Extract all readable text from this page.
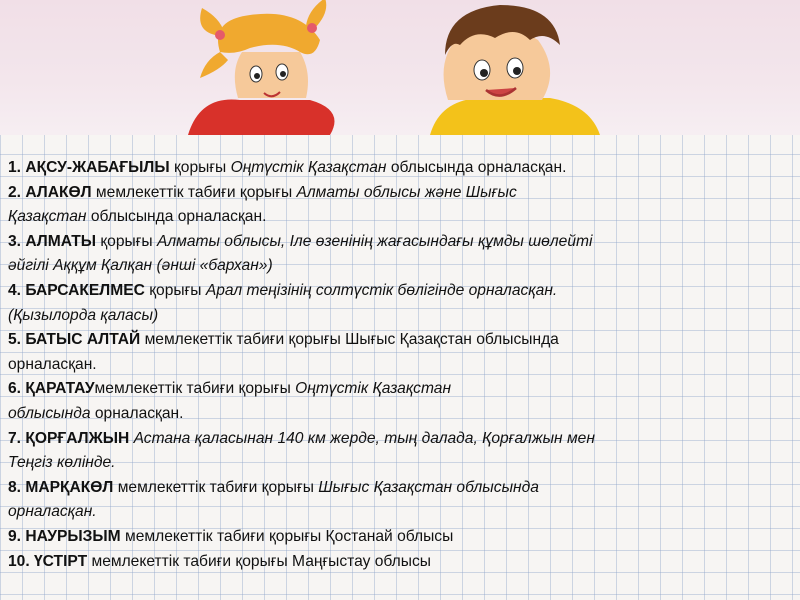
1. АҚСУ-ЖАБАҒЫЛЫ қорығы Оңтүстік Қазақстан облысында орналасқан.
2. АЛАКӨЛ мемлекеттік табиғи қорығы Алматы облысы және Шығыс
Қазақстан облысында орналасқан.
3. АЛМАТЫ қорығы Алматы облысы, Іле өзенінің жағасындағы құмды шөлейті
әйгілі Аққұм Қалқан (әнші «бархан»)
4. БАРСАКЕЛМЕС қорығы Арал теңізінің солтүстік бөлігінде орналасқан.
(Қызылорда қаласы)
5. БАТЫС АЛТАЙ мемлекеттік табиғи қорығы Шығыс Қазақстан облысында
орналасқан.
6. ҚАРАТАУмемлекеттік табиғи қорығы Оңтүстік Қазақстан
облысында орналасқан.
7. ҚОРҒАЛЖЫН Астана қаласынан 140 км жерде, тың далада, Қорғалжын мен
Теңгіз көлінде.
8. МАРҚАКӨЛ мемлекеттік табиғи қорығы Шығыс Қазақстан облысында
орналасқан.
9. НАУРЫЗЫМ мемлекеттік табиғи қорығы Қостанай облысы
10. ҮСТІРТ мемлекеттік табиғи қорығы Маңғыстау облысы
